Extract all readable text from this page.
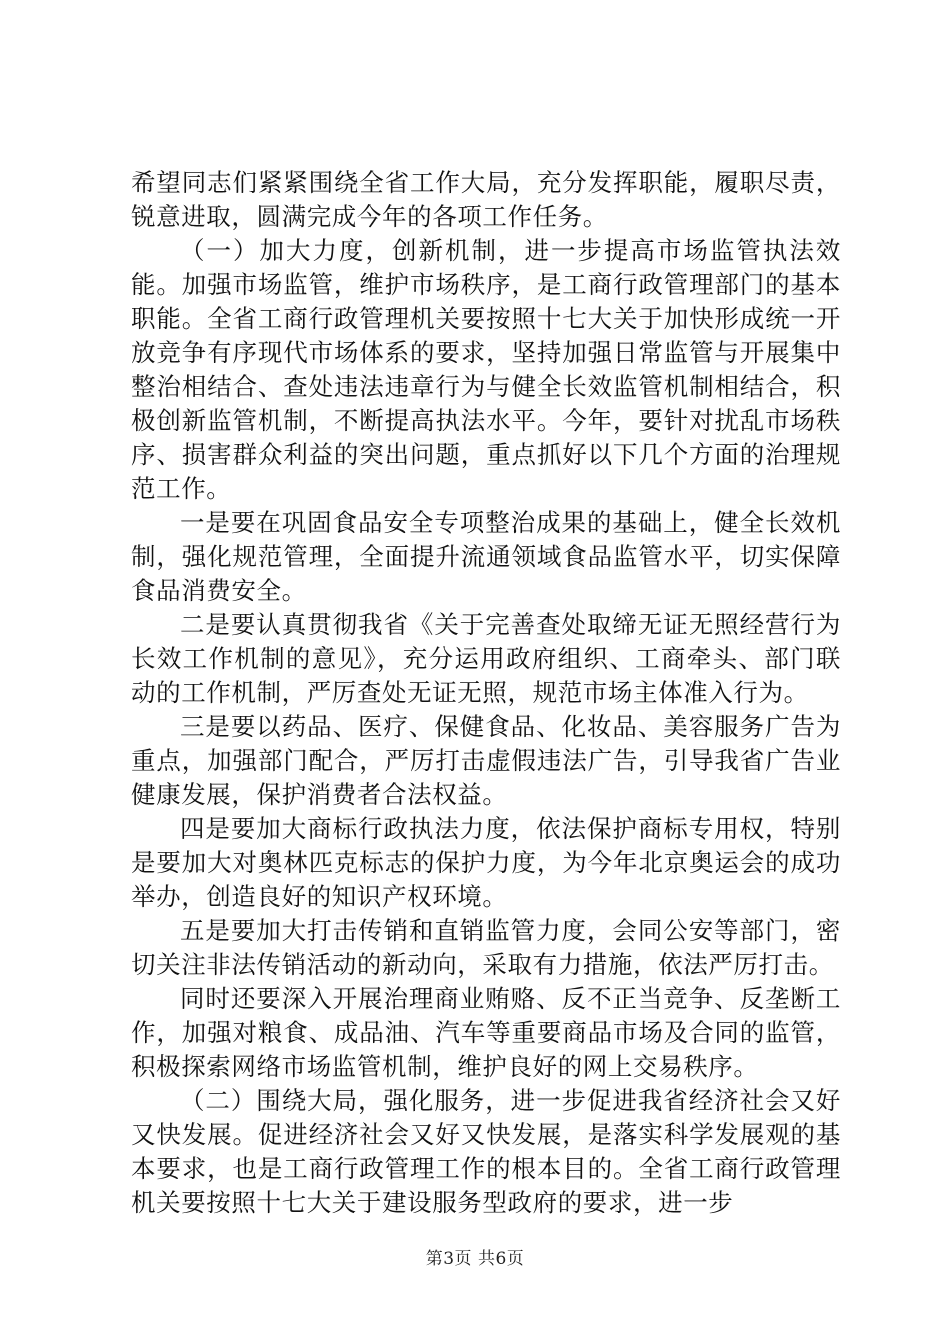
希望同志们紧紧围绕全省工作大局，充分发挥职能，履职尽责，锐意进取，圆满完成今年的各项工作任务。

（一）加大力度，创新机制，进一步提高市场监管执法效能。加强市场监管，维护市场秩序，是工商行政管理部门的基本职能。全省工商行政管理机关要按照十七大关于加快形成统一开放竞争有序现代市场体系的要求，坚持加强日常监管与开展集中整治相结合、查处违法违章行为与健全长效监管机制相结合，积极创新监管机制，不断提高执法水平。今年，要针对扰乱市场秩序、损害群众利益的突出问题，重点抓好以下几个方面的治理规范工作。

一是要在巩固食品安全专项整治成果的基础上，健全长效机制，强化规范管理，全面提升流通领域食品监管水平，切实保障食品消费安全。

二是要认真贯彻我省《关于完善查处取缔无证无照经营行为长效工作机制的意见》，充分运用政府组织、工商牵头、部门联动的工作机制，严厉查处无证无照，规范市场主体准入行为。

三是要以药品、医疗、保健食品、化妆品、美容服务广告为重点，加强部门配合，严厉打击虚假违法广告，引导我省广告业健康发展，保护消费者合法权益。

四是要加大商标行政执法力度，依法保护商标专用权，特别是要加大对奥林匹克标志的保护力度，为今年北京奥运会的成功举办，创造良好的知识产权环境。

五是要加大打击传销和直销监管力度，会同公安等部门，密切关注非法传销活动的新动向，采取有力措施，依法严厉打击。

同时还要深入开展治理商业贿赂、反不正当竞争、反垄断工作，加强对粮食、成品油、汽车等重要商品市场及合同的监管，积极探索网络市场监管机制，维护良好的网上交易秩序。

（二）围绕大局，强化服务，进一步促进我省经济社会又好又快发展。促进经济社会又好又快发展，是落实科学发展观的基本要求，也是工商行政管理工作的根本目的。全省工商行政管理机关要按照十七大关于建设服务型政府的要求，进一步

第3页 共6页
